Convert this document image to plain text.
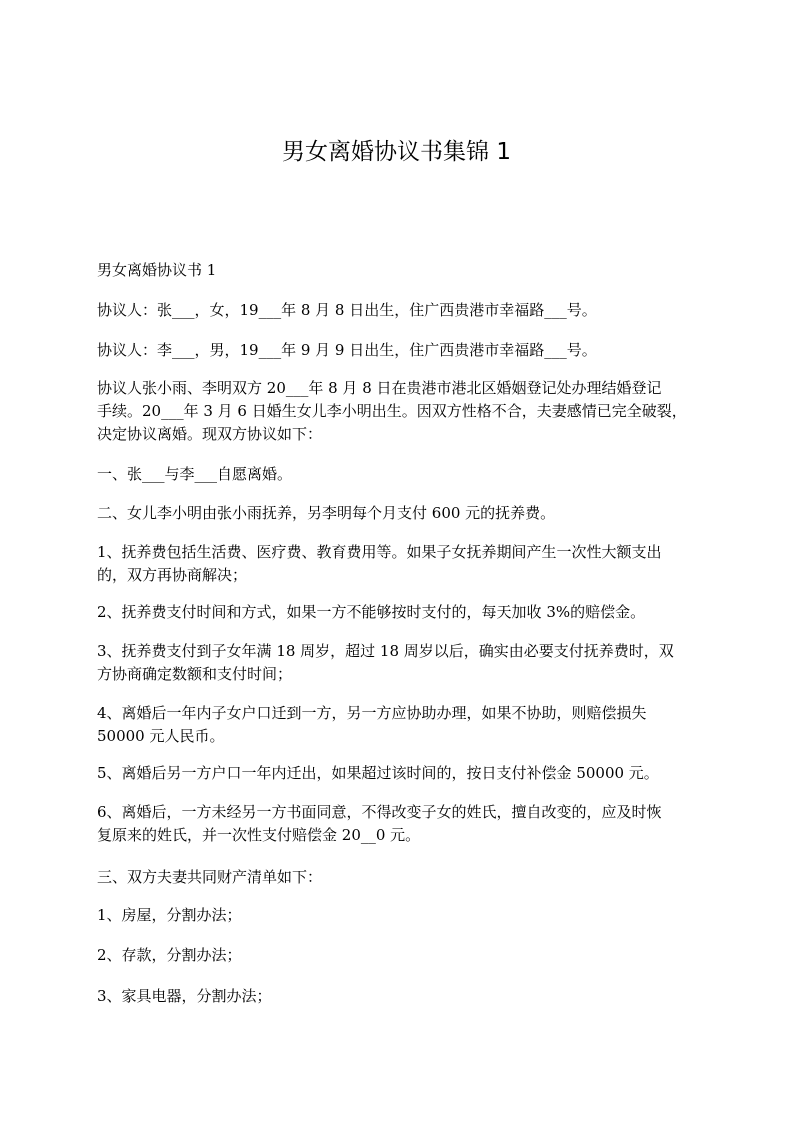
男女离婚协议书集锦 1

男女离婚协议书 1

协议人：张___，女，19___年 8 月 8 日出生，住广西贵港市幸福路___号。

协议人：李___，男，19___年 9 月 9 日出生，住广西贵港市幸福路___号。

协议人张小雨、李明双方 20___年 8 月 8 日在贵港市港北区婚姻登记处办理结婚登记
手续。20___年 3 月 6 日婚生女儿李小明出生。因双方性格不合，夫妻感情已完全破裂，
决定协议离婚。现双方协议如下：

一、张___与李___自愿离婚。

二、女儿李小明由张小雨抚养，另李明每个月支付 600 元的抚养费。

1、抚养费包括生活费、医疗费、教育费用等。如果子女抚养期间产生一次性大额支出
的，双方再协商解决；

2、抚养费支付时间和方式，如果一方不能够按时支付的，每天加收 3%的赔偿金。

3、抚养费支付到子女年满 18 周岁，超过 18 周岁以后，确实由必要支付抚养费时，双
方协商确定数额和支付时间；

4、离婚后一年内子女户口迁到一方，另一方应协助办理，如果不协助，则赔偿损失
50000 元人民币。

5、离婚后另一方户口一年内迁出，如果超过该时间的，按日支付补偿金 50000 元。

6、离婚后，一方未经另一方书面同意，不得改变子女的姓氏，擅自改变的，应及时恢
复原来的姓氏，并一次性支付赔偿金 20__0 元。

三、双方夫妻共同财产清单如下：

1、房屋，分割办法；

2、存款，分割办法；

3、家具电器，分割办法；
